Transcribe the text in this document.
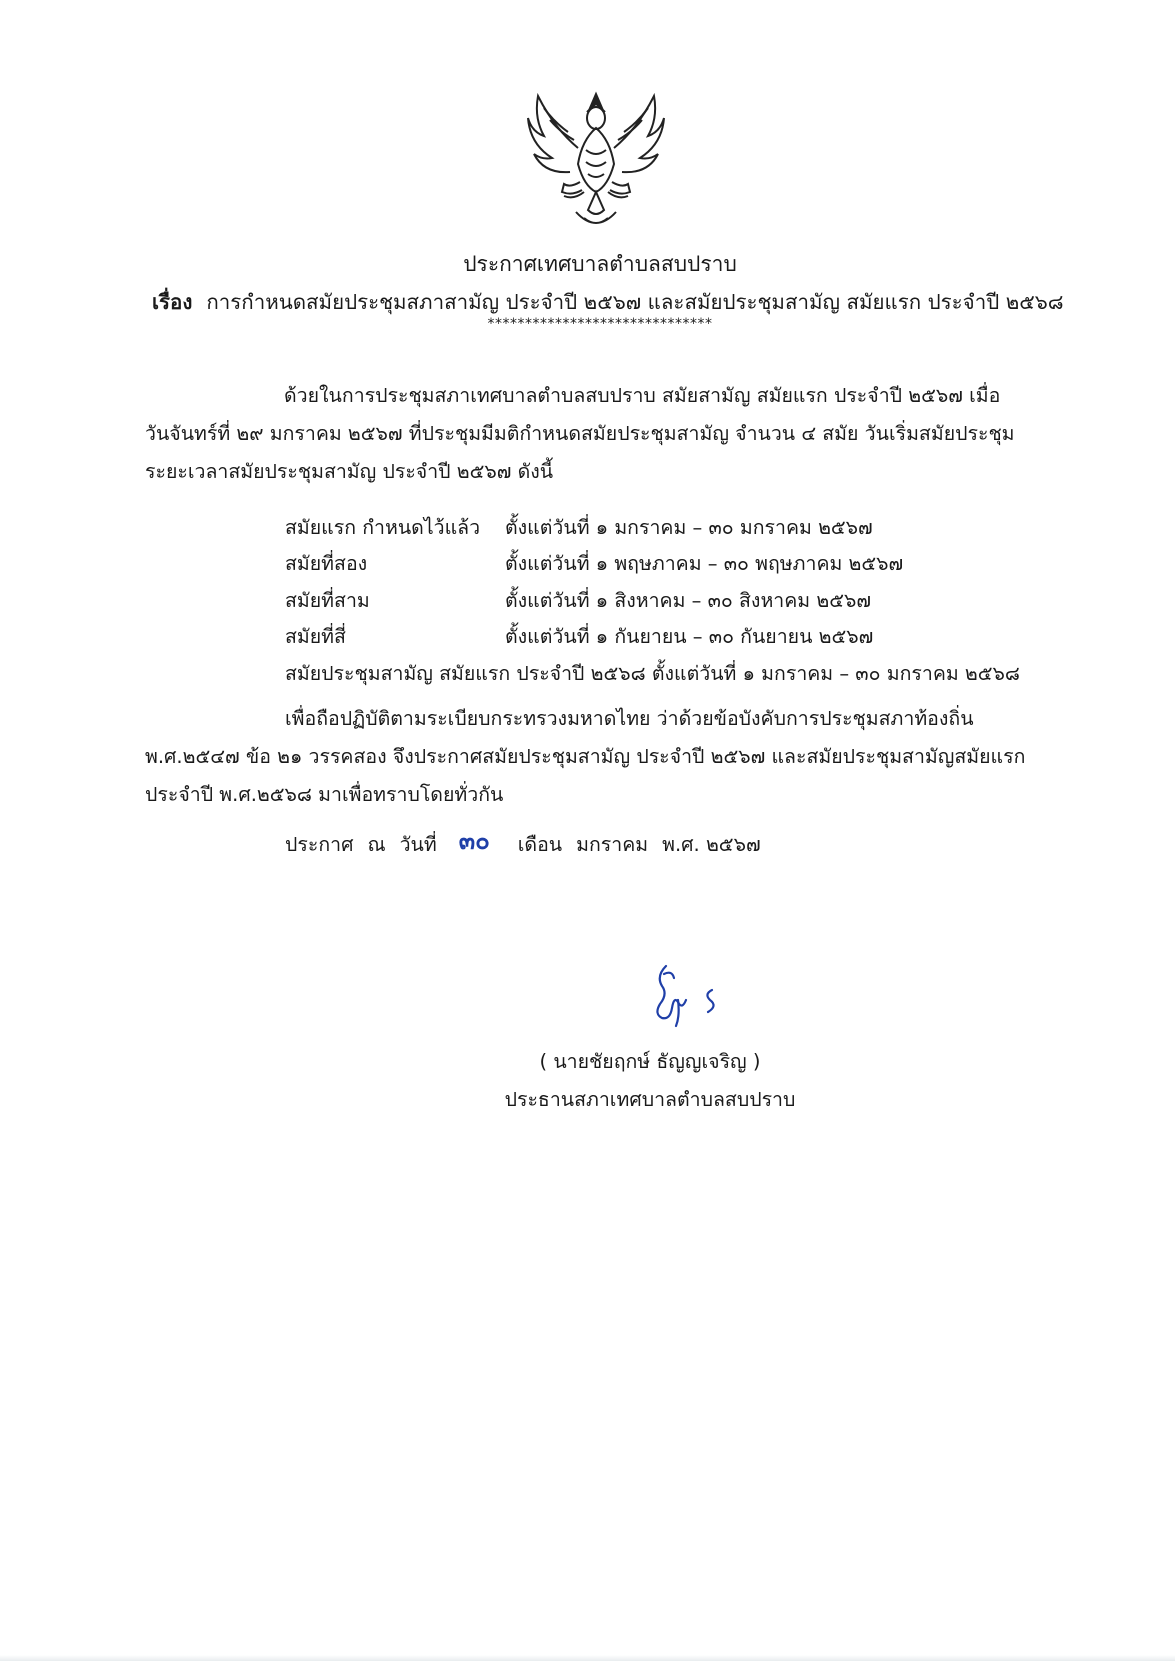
ประกาศเทศบาลตำบลสบปราบ
เรื่อง การกำหนดสมัยประชุมสภาสามัญ ประจำปี ๒๕๖๗ และสมัยประชุมสามัญ สมัยแรก ประจำปี ๒๕๖๘
******************************
ด้วยในการประชุมสภาเทศบาลตำบลสบปราบ สมัยสามัญ สมัยแรก ประจำปี ๒๕๖๗ เมื่อ
วันจันทร์ที่ ๒๙ มกราคม ๒๕๖๗ ที่ประชุมมีมติกำหนดสมัยประชุมสามัญ จำนวน ๔ สมัย วันเริ่มสมัยประชุม
ระยะเวลาสมัยประชุมสามัญ ประจำปี ๒๕๖๗ ดังนี้
สมัยแรก กำหนดไว้แล้ว ตั้งแต่วันที่ ๑ มกราคม – ๓๐ มกราคม ๒๕๖๗
สมัยที่สอง	ตั้งแต่วันที่ ๑ พฤษภาคม – ๓๐ พฤษภาคม ๒๕๖๗
สมัยที่สาม	ตั้งแต่วันที่ ๑ สิงหาคม – ๓๐ สิงหาคม ๒๕๖๗
สมัยที่สี่	ตั้งแต่วันที่ ๑ กันยายน – ๓๐ กันยายน ๒๕๖๗
สมัยประชุมสามัญ สมัยแรก ประจำปี ๒๕๖๘ ตั้งแต่วันที่ ๑ มกราคม – ๓๐ มกราคม ๒๕๖๘
เพื่อถือปฏิบัติตามระเบียบกระทรวงมหาดไทย ว่าด้วยข้อบังคับการประชุมสภาท้องถิ่น
พ.ศ.๒๕๔๗ ข้อ ๒๑ วรรคสอง จึงประกาศสมัยประชุมสามัญ ประจำปี ๒๕๖๗ และสมัยประชุมสามัญสมัยแรก
ประจำปี พ.ศ.๒๕๖๘ มาเพื่อทราบโดยทั่วกัน
ประกาศ ณ วันที่ ๓๐ เดือน มกราคม พ.ศ. ๒๕๖๗
( นายชัยฤกษ์ ธัญญเจริญ )
ประธานสภาเทศบาลตำบลสบปราบ
